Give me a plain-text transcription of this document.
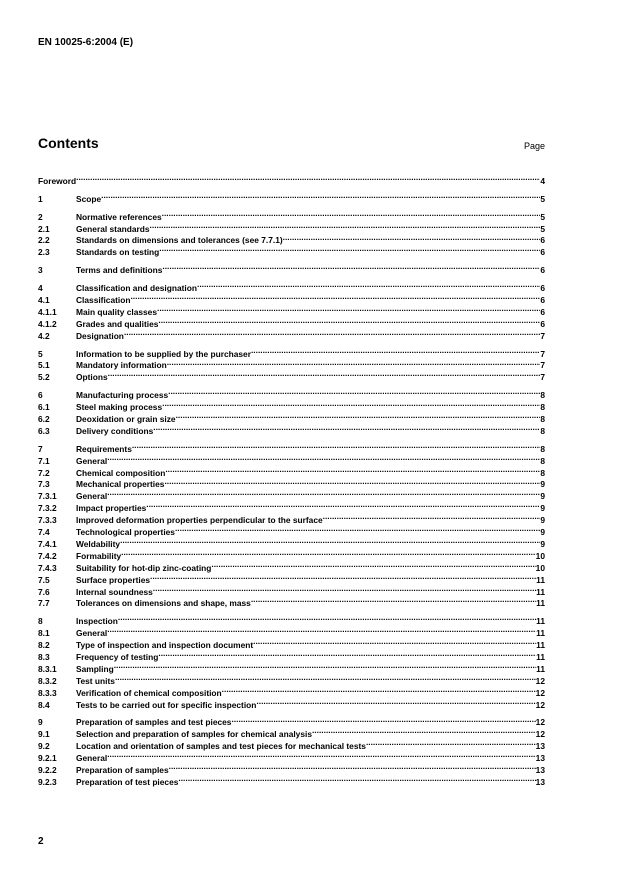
EN 10025-6:2004 (E)
Contents	Page
Foreword .....	4
1	Scope .....	5
2	Normative references .....	5
2.1	General standards .....	5
2.2	Standards on dimensions and tolerances (see 7.7.1) .....	6
2.3	Standards on testing .....	6
3	Terms and definitions .....	6
4	Classification and designation .....	6
4.1	Classification .....	6
4.1.1	Main quality classes .....	6
4.1.2	Grades and qualities .....	6
4.2	Designation .....	7
5	Information to be supplied by the purchaser .....	7
5.1	Mandatory information .....	7
5.2	Options .....	7
6	Manufacturing process .....	8
6.1	Steel making process .....	8
6.2	Deoxidation or grain size .....	8
6.3	Delivery conditions .....	8
7	Requirements .....	8
7.1	General .....	8
7.2	Chemical composition .....	8
7.3	Mechanical properties .....	9
7.3.1	General .....	9
7.3.2	Impact properties .....	9
7.3.3	Improved deformation properties perpendicular to the surface .....	9
7.4	Technological properties .....	9
7.4.1	Weldability .....	9
7.4.2	Formability .....	10
7.4.3	Suitability for hot-dip zinc-coating .....	10
7.5	Surface properties .....	11
7.6	Internal soundness .....	11
7.7	Tolerances on dimensions and shape, mass .....	11
8	Inspection .....	11
8.1	General .....	11
8.2	Type of inspection and inspection document .....	11
8.3	Frequency of testing .....	11
8.3.1	Sampling .....	11
8.3.2	Test units .....	12
8.3.3	Verification of chemical composition .....	12
8.4	Tests to be carried out for specific inspection .....	12
9	Preparation of samples and test pieces .....	12
9.1	Selection and preparation of samples for chemical analysis .....	12
9.2	Location and orientation of samples and test pieces for mechanical tests .....	13
9.2.1	General .....	13
9.2.2	Preparation of samples .....	13
9.2.3	Preparation of test pieces .....	13
2
